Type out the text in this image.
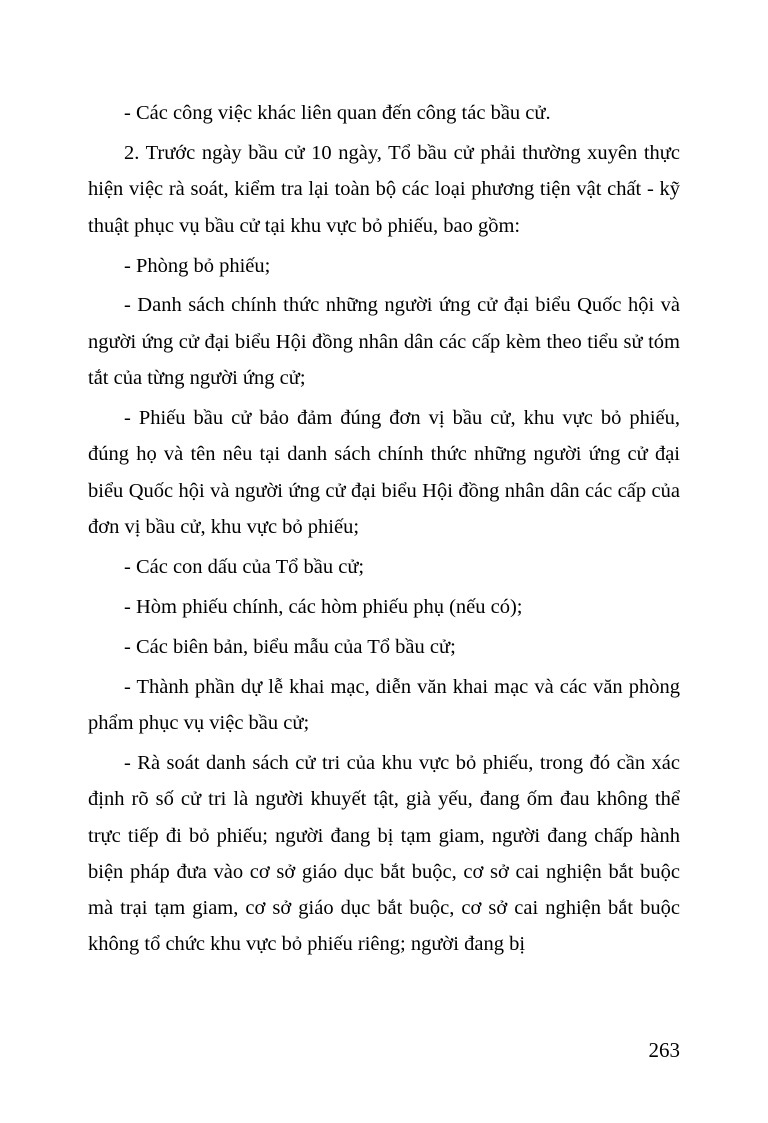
- Các công việc khác liên quan đến công tác bầu cử.

2. Trước ngày bầu cử 10 ngày, Tổ bầu cử phải thường xuyên thực hiện việc rà soát, kiểm tra lại toàn bộ các loại phương tiện vật chất - kỹ thuật phục vụ bầu cử tại khu vực bỏ phiếu, bao gồm:

- Phòng bỏ phiếu;

- Danh sách chính thức những người ứng cử đại biểu Quốc hội và người ứng cử đại biểu Hội đồng nhân dân các cấp kèm theo tiểu sử tóm tắt của từng người ứng cử;

- Phiếu bầu cử bảo đảm đúng đơn vị bầu cử, khu vực bỏ phiếu, đúng họ và tên nêu tại danh sách chính thức những người ứng cử đại biểu Quốc hội và người ứng cử đại biểu Hội đồng nhân dân các cấp của đơn vị bầu cử, khu vực bỏ phiếu;

- Các con dấu của Tổ bầu cử;

- Hòm phiếu chính, các hòm phiếu phụ (nếu có);

- Các biên bản, biểu mẫu của Tổ bầu cử;

- Thành phần dự lễ khai mạc, diễn văn khai mạc và các văn phòng phẩm phục vụ việc bầu cử;

- Rà soát danh sách cử tri của khu vực bỏ phiếu, trong đó cần xác định rõ số cử tri là người khuyết tật, già yếu, đang ốm đau không thể trực tiếp đi bỏ phiếu; người đang bị tạm giam, người đang chấp hành biện pháp đưa vào cơ sở giáo dục bắt buộc, cơ sở cai nghiện bắt buộc mà trại tạm giam, cơ sở giáo dục bắt buộc, cơ sở cai nghiện bắt buộc không tổ chức khu vực bỏ phiếu riêng; người đang bị

263
